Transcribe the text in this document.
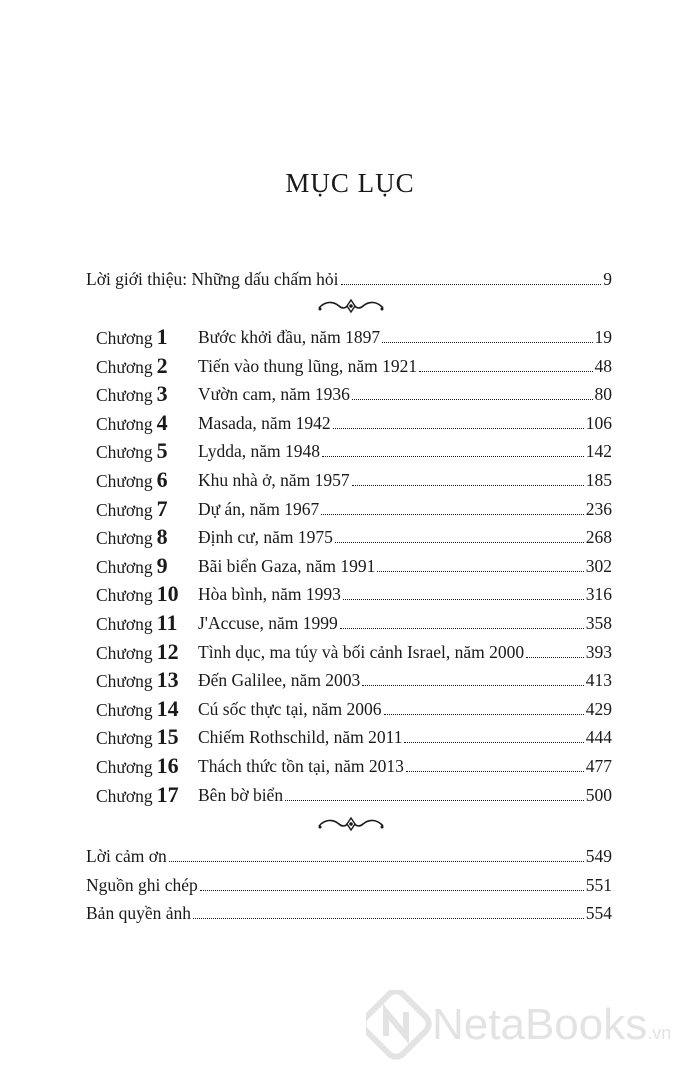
MỤC LỤC
Lời giới thiệu: Những dấu chấm hỏi	9
Chương 1 Bước khởi đầu, năm 1897	19
Chương 2 Tiến vào thung lũng, năm 1921	48
Chương 3 Vườn cam, năm 1936	80
Chương 4 Masada, năm 1942	106
Chương 5 Lydda, năm 1948	142
Chương 6 Khu nhà ở, năm 1957	185
Chương 7 Dự án, năm 1967	236
Chương 8 Định cư, năm 1975	268
Chương 9 Bãi biển Gaza, năm 1991	302
Chương 10 Hòa bình, năm 1993	316
Chương 11 J'Accuse, năm 1999	358
Chương 12 Tình dục, ma túy và bối cảnh Israel, năm 2000	393
Chương 13 Đến Galilee, năm 2003	413
Chương 14 Cú sốc thực tại, năm 2006	429
Chương 15 Chiếm Rothschild, năm 2011	444
Chương 16 Thách thức tồn tại, năm 2013	477
Chương 17 Bên bờ biển	500
Lời cảm ơn	549
Nguồn ghi chép	551
Bản quyền ảnh	554
NetaBooks.vn
